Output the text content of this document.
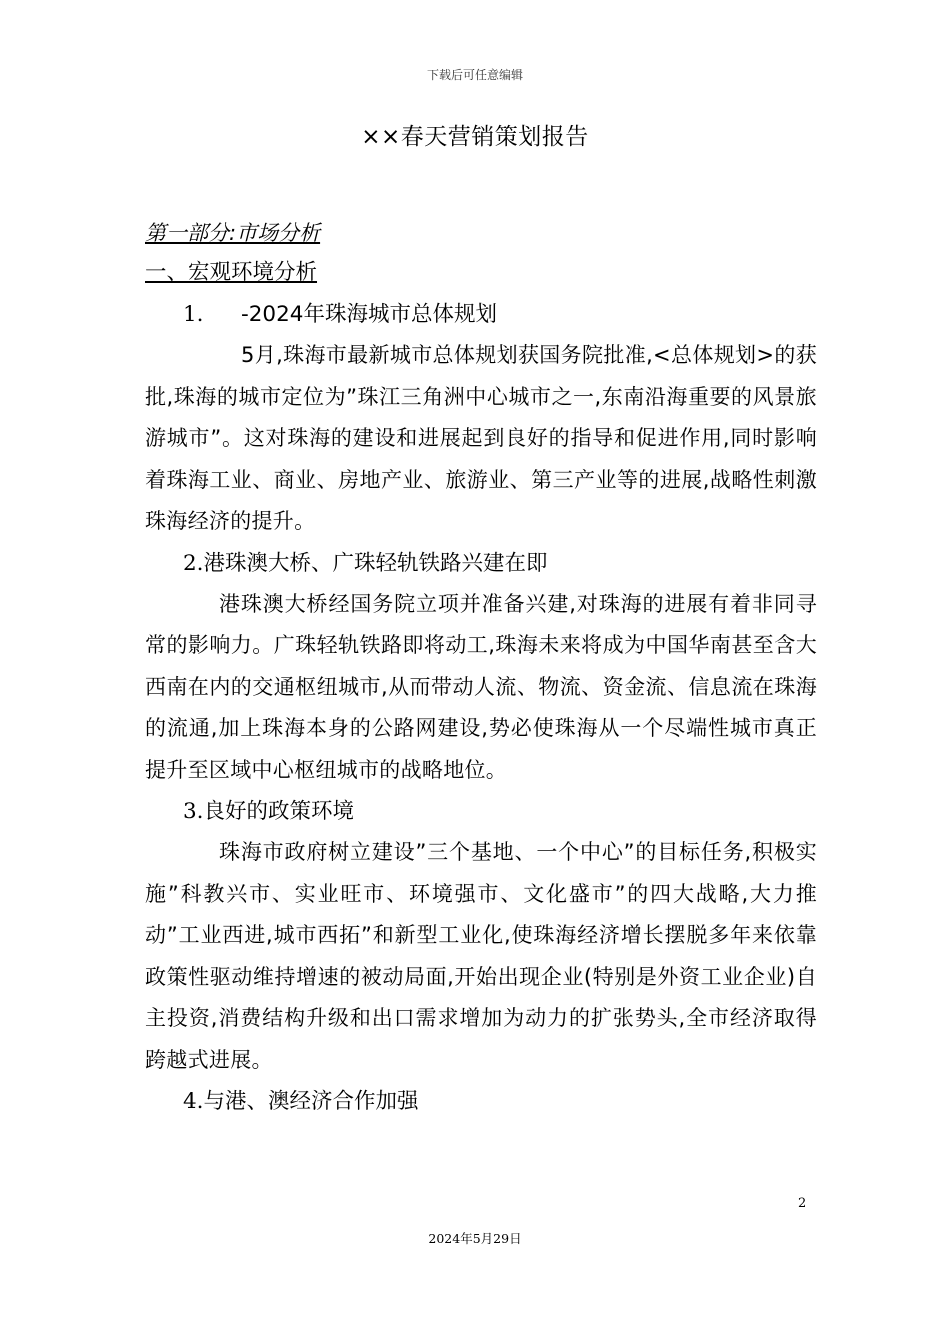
下载后可任意编辑
××春天营销策划报告
第一部分:市场分析
一、宏观环境分析
1. -2024年珠海城市总体规划

5月,珠海市最新城市总体规划获国务院批准,<总体规划>的获批,珠海的城市定位为”珠江三角洲中心城市之一,东南沿海重要的风景旅游城市”。这对珠海的建设和进展起到良好的指导和促进作用,同时影响着珠海工业、商业、房地产业、旅游业、第三产业等的进展,战略性刺激珠海经济的提升。

2.港珠澳大桥、广珠轻轨铁路兴建在即

港珠澳大桥经国务院立项并准备兴建,对珠海的进展有着非同寻常的影响力。广珠轻轨铁路即将动工,珠海未来将成为中国华南甚至含大西南在内的交通枢纽城市,从而带动人流、物流、资金流、信息流在珠海的流通,加上珠海本身的公路网建设,势必使珠海从一个尽端性城市真正提升至区域中心枢纽城市的战略地位。

3.良好的政策环境

珠海市政府树立建设”三个基地、一个中心”的目标任务,积极实施”科教兴市、实业旺市、环境强市、文化盛市”的四大战略,大力推动”工业西进,城市西拓”和新型工业化,使珠海经济增长摆脱多年来依靠政策性驱动维持增速的被动局面,开始出现企业(特别是外资工业企业)自主投资,消费结构升级和出口需求增加为动力的扩张势头,全市经济取得跨越式进展。

4.与港、澳经济合作加强
2
2024年5月29日
